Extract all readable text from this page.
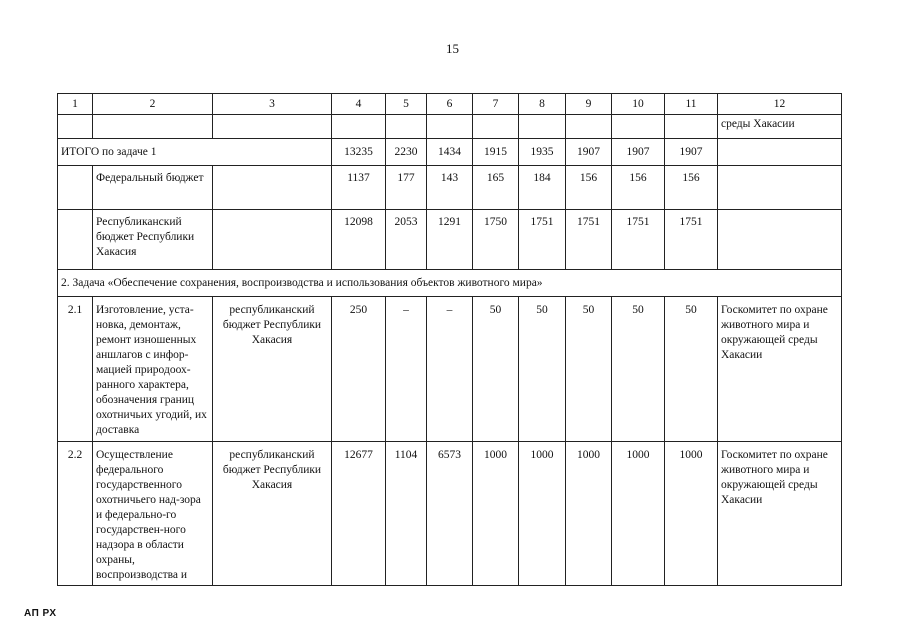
15
1	2	3	4	5	6	7	8	9	10	11	12
											среды Хакасии
ИТОГО по задаче 1			13235	2230	1434	1915	1935	1907	1907	1907	
	Федеральный бюджет		1137	177	143	165	184	156	156	156	
	Республиканский бюджет Республики Хакасия		12098	2053	1291	1750	1751	1751	1751	1751	
2. Задача «Обеспечение сохранения, воспроизводства и использования объектов животного мира»											
2.1	Изготовление, уста-новка, демонтаж, ремонт изношенных аншлагов с инфор-мацией природоох-ранного характера, обозначения границ охотничьих угодий, их доставка	республиканский бюджет Республики Хакасия	250	–	–	50	50	50	50	50	Госкомитет по охране животного мира и окружающей среды Хакасии
2.2	Осуществление федерального государственного охотничьего над-зора и федерально-го государствен-ного надзора в области охраны, воспроизводства и	республиканский бюджет Республики Хакасия	12677	1104	6573	1000	1000	1000	1000	1000	Госкомитет по охране животного мира и окружающей среды Хакасии
АП РХ
